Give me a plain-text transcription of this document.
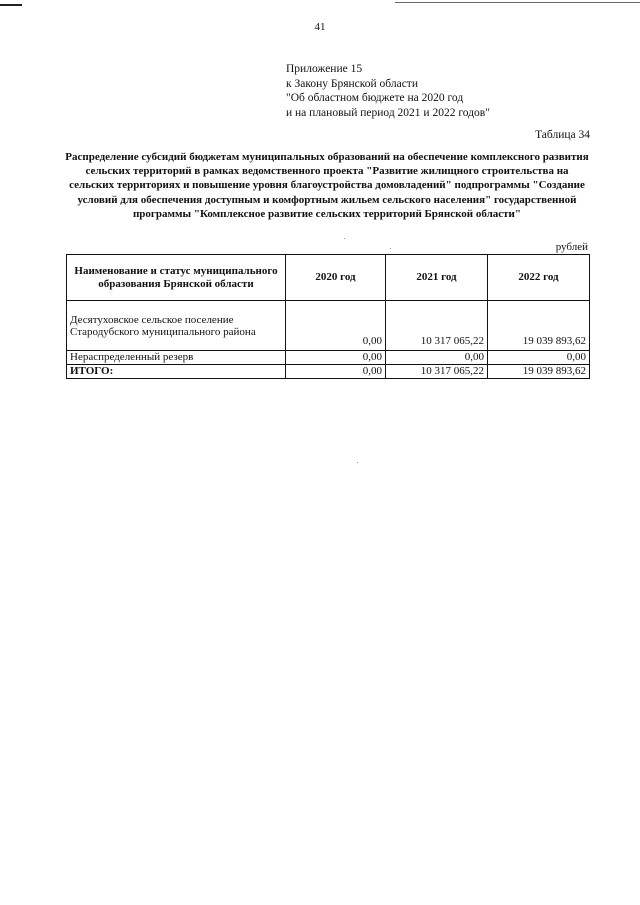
41
Приложение 15
к Закону Брянской области
"Об областном бюджете на 2020 год
и на плановый период 2021 и 2022 годов"
Таблица 34
Распределение субсидий бюджетам муниципальных образований на обеспечение комплексного развития сельских территорий в рамках ведомственного проекта "Развитие жилищного строительства на сельских территориях и повышение уровня благоустройства домовладений" подпрограммы "Создание условий для обеспечения доступным и комфортным жильем сельского населения" государственной программы "Комплексное развитие сельских территорий Брянской области"
рублей
Наименование и статус муниципального образования Брянской области	2020 год	2021 год	2022 год

Десятуховское сельское поселение
Стародубского муниципального района	0,00	10 317 065,22	19 039 893,62
Нераспределенный резерв	0,00	0,00	0,00
ИТОГО:	0,00	10 317 065,22	19 039 893,62
